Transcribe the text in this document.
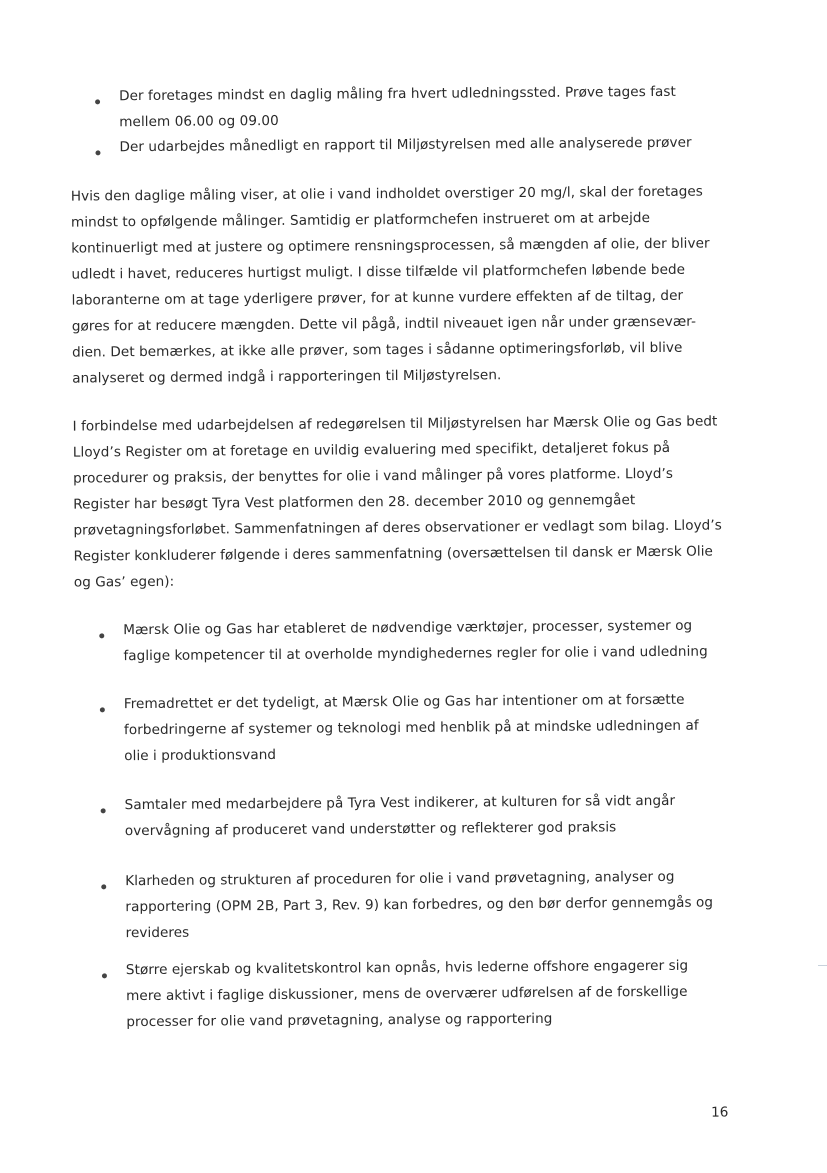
Der foretages mindst en daglig måling fra hvert udledningssted. Prøve tages fast
mellem 06.00 og 09.00
Der udarbejdes månedligt en rapport til Miljøstyrelsen med alle analyserede prøver
Hvis den daglige måling viser, at olie i vand indholdet overstiger 20 mg/l, skal der foretages
mindst to opfølgende målinger. Samtidig er platformchefen instrueret om at arbejde
kontinuerligt med at justere og optimere rensningsprocessen, så mængden af olie, der bliver
udledt i havet, reduceres hurtigst muligt. I disse tilfælde vil platformchefen løbende bede
laboranterne om at tage yderligere prøver, for at kunne vurdere effekten af de tiltag, der
gøres for at reducere mængden. Dette vil pågå, indtil niveauet igen når under grænsevær-
dien. Det bemærkes, at ikke alle prøver, som tages i sådanne optimeringsforløb, vil blive
analyseret og dermed indgå i rapporteringen til Miljøstyrelsen.
I forbindelse med udarbejdelsen af redegørelsen til Miljøstyrelsen har Mærsk Olie og Gas bedt
Lloyd’s Register om at foretage en uvildig evaluering med specifikt, detaljeret fokus på
procedurer og praksis, der benyttes for olie i vand målinger på vores platforme. Lloyd’s
Register har besøgt Tyra Vest platformen den 28. december 2010 og gennemgået
prøvetagningsforløbet. Sammenfatningen af deres observationer er vedlagt som bilag. Lloyd’s
Register konkluderer følgende i deres sammenfatning (oversættelsen til dansk er Mærsk Olie
og Gas’ egen):
Mærsk Olie og Gas har etableret de nødvendige værktøjer, processer, systemer og
faglige kompetencer til at overholde myndighedernes regler for olie i vand udledning
Fremadrettet er det tydeligt, at Mærsk Olie og Gas har intentioner om at forsætte
forbedringerne af systemer og teknologi med henblik på at mindske udledningen af
olie i produktionsvand
Samtaler med medarbejdere på Tyra Vest indikerer, at kulturen for så vidt angår
overvågning af produceret vand understøtter og reflekterer god praksis
Klarheden og strukturen af proceduren for olie i vand prøvetagning, analyser og
rapportering (OPM 2B, Part 3, Rev. 9) kan forbedres, og den bør derfor gennemgås og
revideres
Større ejerskab og kvalitetskontrol kan opnås, hvis lederne offshore engagerer sig
mere aktivt i faglige diskussioner, mens de overværer udførelsen af de forskellige
processer for olie vand prøvetagning, analyse og rapportering
16
